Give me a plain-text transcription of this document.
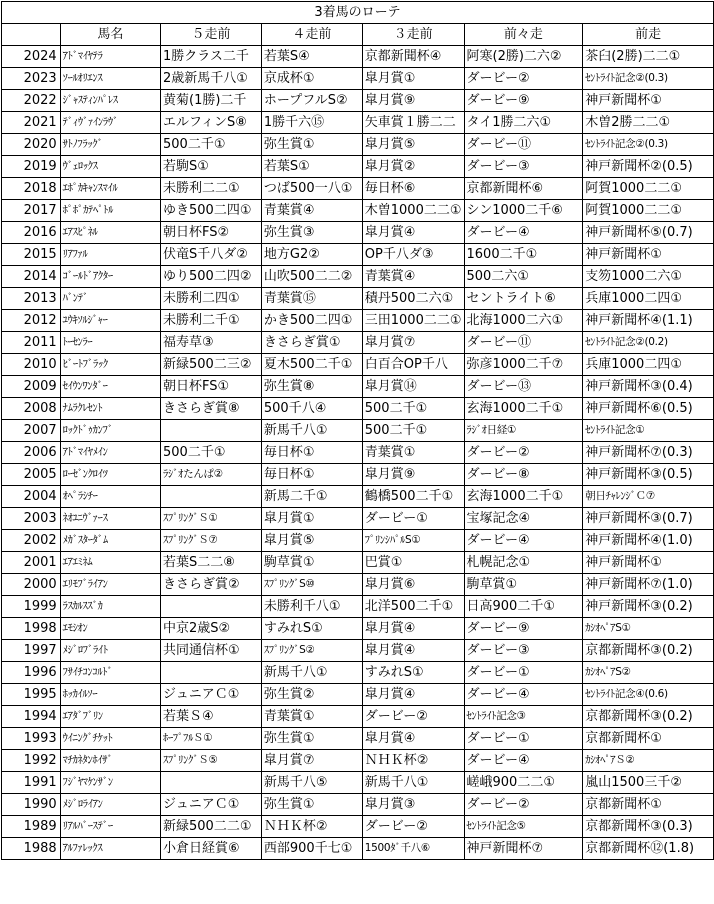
3着馬のローテ						
	馬名	５走前	４走前	３走前	前々走	前走
2024	ｱﾄﾞﾏｲﾔﾃﾗ	1勝クラス二千	若葉S④	京都新聞杯④	阿寒(2勝)二六②	茶臼(2勝)二二①
2023	ｿｰﾙｵﾘｴﾝｽ	2歳新馬千八①	京成杯①	皐月賞①	ダービー②	ｾﾝﾄﾗｲﾄ記念②(0.3)
2022	ｼﾞｬｽﾃｨﾝﾊﾟﾚｽ	黄菊(1勝)二千	ホープフルS②	皐月賞⑨	ダービー⑨	神戸新聞杯①
2021	ﾃﾞｨｳﾞｧｲﾝﾗｳﾞ	エルフィンS⑧	1勝千六⑮	矢車賞１勝二二	タイ1勝二六①	木曽2勝二二①
2020	ｻﾄﾉﾌﾗｯｸﾞ	500二千①	弥生賞①	皐月賞⑤	ダービー⑪	ｾﾝﾄﾗｲﾄ記念②(0.3)
2019	ｳﾞｪﾛｯｸｽ	若駒S①	若葉S①	皐月賞②	ダービー③	神戸新聞杯②(0.5)
2018	ｴﾎﾟｶｷｬﾝｽﾏｲﾙ	未勝利二二①	つば500一八①	毎日杯⑥	京都新聞杯⑥	阿賀1000二二①
2017	ﾎﾟﾎﾟｶﾃﾍﾟﾄﾙ	ゆき500二四①	青葉賞④	木曽1000二二①	シン1000二千⑥	阿賀1000二二①
2016	ｴｱｽﾋﾟﾈﾙ	朝日杯FS②	弥生賞③	皐月賞④	ダービー④	神戸新聞杯⑤(0.7)
2015	ﾘｱﾌｧﾙ	伏竜S千八ダ②	地方G2②	OP千八ダ③	1600二千①	神戸新聞杯①
2014	ｺﾞｰﾙﾄﾞｱｸﾀｰ	ゆり500二四②	山吹500二二②	青葉賞④	500二六①	支笏1000二六①
2013	ﾊﾞﾝﾃﾞ	未勝利二四①	青葉賞⑮	積丹500二六①	セントライト⑥	兵庫1000二四①
2012	ﾕｳｷｿﾙｼﾞｬｰ	未勝利二千①	かき500二四①	三田1000二二①	北海1000二六①	神戸新聞杯④(1.1)
2011	ﾄｰｾﾝﾗｰ	福寿草③	きさらぎ賞①	皐月賞⑦	ダービー⑪	ｾﾝﾄﾗｲﾄ記念②(0.2)
2010	ﾋﾞｰﾄﾌﾞﾗｯｸ	新緑500二三②	夏木500二千①	白百合OP千八	弥彦1000二千⑦	兵庫1000二四①
2009	ｾｲｳﾝﾜﾝﾀﾞｰ	朝日杯FS①	弥生賞⑧	皐月賞⑭	ダービー⑬	神戸新聞杯③(0.4)
2008	ﾅﾑﾗｸﾚｾﾝﾄ	きさらぎ賞⑧	500千八④	500二千①	玄海1000二千①	神戸新聞杯⑥(0.5)
2007	ﾛｯｸﾄﾞｩｶﾝﾌﾞ		新馬千八①	500二千①	ﾗｼﾞｵ日経①	ｾﾝﾄﾗｲﾄ記念①
2006	ｱﾄﾞﾏｲﾔﾒｲﾝ	500二千①	毎日杯①	青葉賞①	ダービー②	神戸新聞杯⑦(0.3)
2005	ﾛｰｾﾞﾝｸﾛｲﾂ	ﾗｼﾞｵたんぱ②	毎日杯①	皐月賞⑨	ダービー⑧	神戸新聞杯③(0.5)
2004	ｵﾍﾟﾗｼﾁｰ		新馬二千①	鶴橋500二千①	玄海1000二千①	朝日ﾁｬﾚﾝｼﾞＣ⑦
2003	ﾈｵﾕﾆｳﾞｧｰｽ	ｽﾌﾟﾘﾝｸﾞＳ①	皐月賞①	ダービー①	宝塚記念④	神戸新聞杯③(0.7)
2002	ﾒｶﾞｽﾀｰﾀﾞﾑ	ｽﾌﾟﾘﾝｸﾞＳ⑦	皐月賞⑤	ﾌﾟﾘﾝｼﾊﾟﾙS①	ダービー④	神戸新聞杯④(1.0)
2001	ｴｱｴﾐﾈﾑ	若葉S二二⑧	駒草賞①	巴賞①	札幌記念①	神戸新聞杯①
2000	ｴﾘﾓﾌﾞﾗｲｱﾝ	きさらぎ賞②	ｽﾌﾟﾘﾝｸﾞS⑩	皐月賞⑥	駒草賞①	神戸新聞杯⑦(1.0)
1999	ﾗｽｶﾙｽｽﾞｶ		未勝利千八①	北洋500二千①	日高900二千①	神戸新聞杯③(0.2)
1998	ｴﾓｼｵﾝ	中京2歳S②	すみれS①	皐月賞④	ダービー⑨	ｶｼｵﾍﾟｱS①
1997	ﾒｼﾞﾛﾌﾞﾗｲﾄ	共同通信杯①	ｽﾌﾟﾘﾝｸﾞS②	皐月賞④	ダービー③	京都新聞杯③(0.2)
1996	ﾌｻｲﾁｺﾝｺﾙﾄﾞ		新馬千八①	すみれS①	ダービー①	ｶｼｵﾍﾟｱS②
1995	ﾎｯｶｲﾙｿｰ	ジュニアＣ①	弥生賞②	皐月賞④	ダービー④	ｾﾝﾄﾗｲﾄ記念④(0.6)
1994	ｴｱﾀﾞﾌﾞﾘﾝ	若葉Ｓ④	青葉賞①	ダービー②	ｾﾝﾄﾗｲﾄ記念③	京都新聞杯③(0.2)
1993	ｳｲﾆﾝｸﾞﾁｹｯﾄ	ﾎｰﾌﾟﾌﾙＳ①	弥生賞①	皐月賞④	ダービー①	京都新聞杯①
1992	ﾏﾁｶﾈﾀﾝﾎｲｻﾞ	ｽﾌﾟﾘﾝｸﾞＳ⑤	皐月賞⑦	ＮＨＫ杯②	ダービー④	ｶｼｵﾍﾟｱＳ②
1991	ﾌｼﾞﾔﾏｹﾝｻﾞﾝ		新馬千八⑤	新馬千八①	嵯峨900二二①	嵐山1500三千②
1990	ﾒｼﾞﾛﾗｲｱﾝ	ジュニアＣ①	弥生賞①	皐月賞③	ダービー②	京都新聞杯①
1989	ﾘｱﾙﾊﾞｰｽﾃﾞｰ	新緑500二二①	ＮＨＫ杯②	ダービー②	ｾﾝﾄﾗｲﾄ記念⑤	京都新聞杯③(0.3)
1988	ｱﾙﾌｧﾚｯｸｽ	小倉日経賞⑥	西部900千七①	1500ﾀﾞ千八⑥	神戸新聞杯⑦	京都新聞杯⑫(1.8)
